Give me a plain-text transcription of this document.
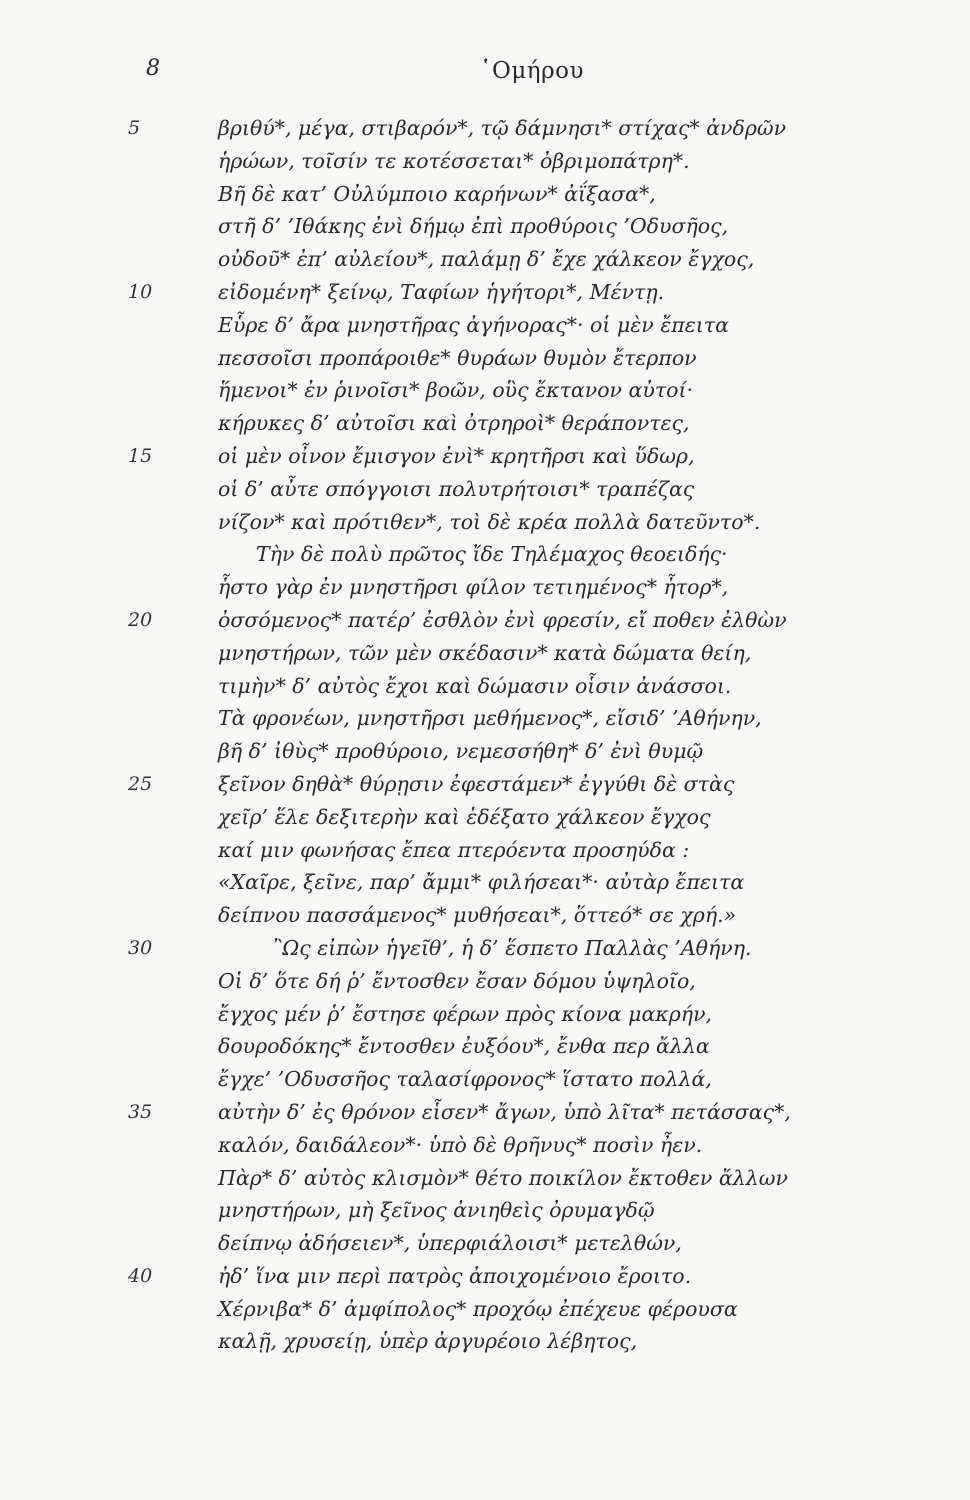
8	῾Ομήρου
5	βριθύ*, μέγα, στιβαρόν*, τῷ δάμνησι* στίχας* ἀνδρῶν
ἡρώων, τοῖσίν τε κοτέσσεται* ὀβριμοπάτρη*.
Βῆ δὲ κατ’ Οὐλύμποιο καρήνων* ἀΐξασα*,
στῆ δ’ ’Ιθάκης ἐνὶ δήμῳ ἐπὶ προθύροις ’Οδυσῆος,
οὐδοῦ* ἐπ’ αὐλείου*, παλάμῃ δ’ ἔχε χάλκεον ἔγχος,
10	εἰδομένη* ξείνῳ, Ταφίων ἡγήτορι*, Μέντῃ.
Εὗρε δ’ ἄρα μνηστῆρας ἀγήνορας*· οἱ μὲν ἔπειτα
πεσσοῖσι προπάροιθε* θυράων θυμὸν ἔτερπον
ἥμενοι* ἐν ῥινοῖσι* βοῶν, οὓς ἔκτανον αὐτοί·
κήρυκες δ’ αὐτοῖσι καὶ ὀτρηροὶ* θεράποντες,
15	οἱ μὲν οἶνον ἔμισγον ἐνὶ* κρητῆρσι καὶ ὕδωρ,
οἱ δ’ αὖτε σπόγγοισι πολυτρήτοισι* τραπέζας
νίζον* καὶ πρότιθεν*, τοὶ δὲ κρέα πολλὰ δατεῦντο*.
Τὴν δὲ πολὺ πρῶτος ἴδε Τηλέμαχος θεοειδής·
ἧστο γὰρ ἐν μνηστῆρσι φίλον τετιημένος* ἦτορ*,
20	ὀσσόμενος* πατέρ’ ἐσθλὸν ἐνὶ φρεσίν, εἴ ποθεν ἐλθὼν
μνηστήρων, τῶν μὲν σκέδασιν* κατὰ δώματα θείη,
τιμὴν* δ’ αὐτὸς ἔχοι καὶ δώμασιν οἷσιν ἀνάσσοι.
Τὰ φρονέων, μνηστῆρσι μεθήμενος*, εἴσιδ’ ’Αθήνην,
βῆ δ’ ἰθὺς* προθύροιο, νεμεσσήθη* δ’ ἐνὶ θυμῷ
25	ξεῖνον δηθὰ* θύρῃσιν ἐφεστάμεν* ἐγγύθι δὲ στὰς
χεῖρ’ ἕλε δεξιτερὴν καὶ ἐδέξατο χάλκεον ἔγχος
καί μιν φωνήσας ἔπεα πτερόεντα προσηύδα :
«Χαῖρε, ξεῖνε, παρ’ ἄμμι* φιλήσεαι*· αὐτὰρ ἔπειτα
δείπνου πασσάμενος* μυθήσεαι*, ὅττεό* σε χρή.»
30	῍Ως εἰπὼν ἡγεῖθ’, ἡ δ’ ἕσπετο Παλλὰς ’Αθήνη.
Οἱ δ’ ὅτε δή ῥ’ ἔντοσθεν ἔσαν δόμου ὑψηλοῖο,
ἔγχος μέν ῥ’ ἔστησε φέρων πρὸς κίονα μακρήν,
δουροδόκης* ἔντοσθεν ἐυξόου*, ἔνθα περ ἄλλα
ἔγχε’ ’Οδυσσῆος ταλασίφρονος* ἵστατο πολλά,
35	αὐτὴν δ’ ἐς θρόνον εἷσεν* ἄγων, ὑπὸ λῖτα* πετάσσας*,
καλόν, δαιδάλεον*· ὑπὸ δὲ θρῆνυς* ποσὶν ἦεν.
Πὰρ* δ’ αὐτὸς κλισμὸν* θέτο ποικίλον ἔκτοθεν ἄλλων
μνηστήρων, μὴ ξεῖνος ἀνιηθεὶς ὀρυμαγδῷ
δείπνῳ ἀδήσειεν*, ὑπερφιάλοισι* μετελθών,
40	ἠδ’ ἵνα μιν περὶ πατρὸς ἀποιχομένοιο ἔροιτο.
Χέρνιβα* δ’ ἀμφίπολος* προχόῳ ἐπέχευε φέρουσα
καλῇ, χρυσείῃ, ὑπὲρ ἀργυρέοιο λέβητος,
